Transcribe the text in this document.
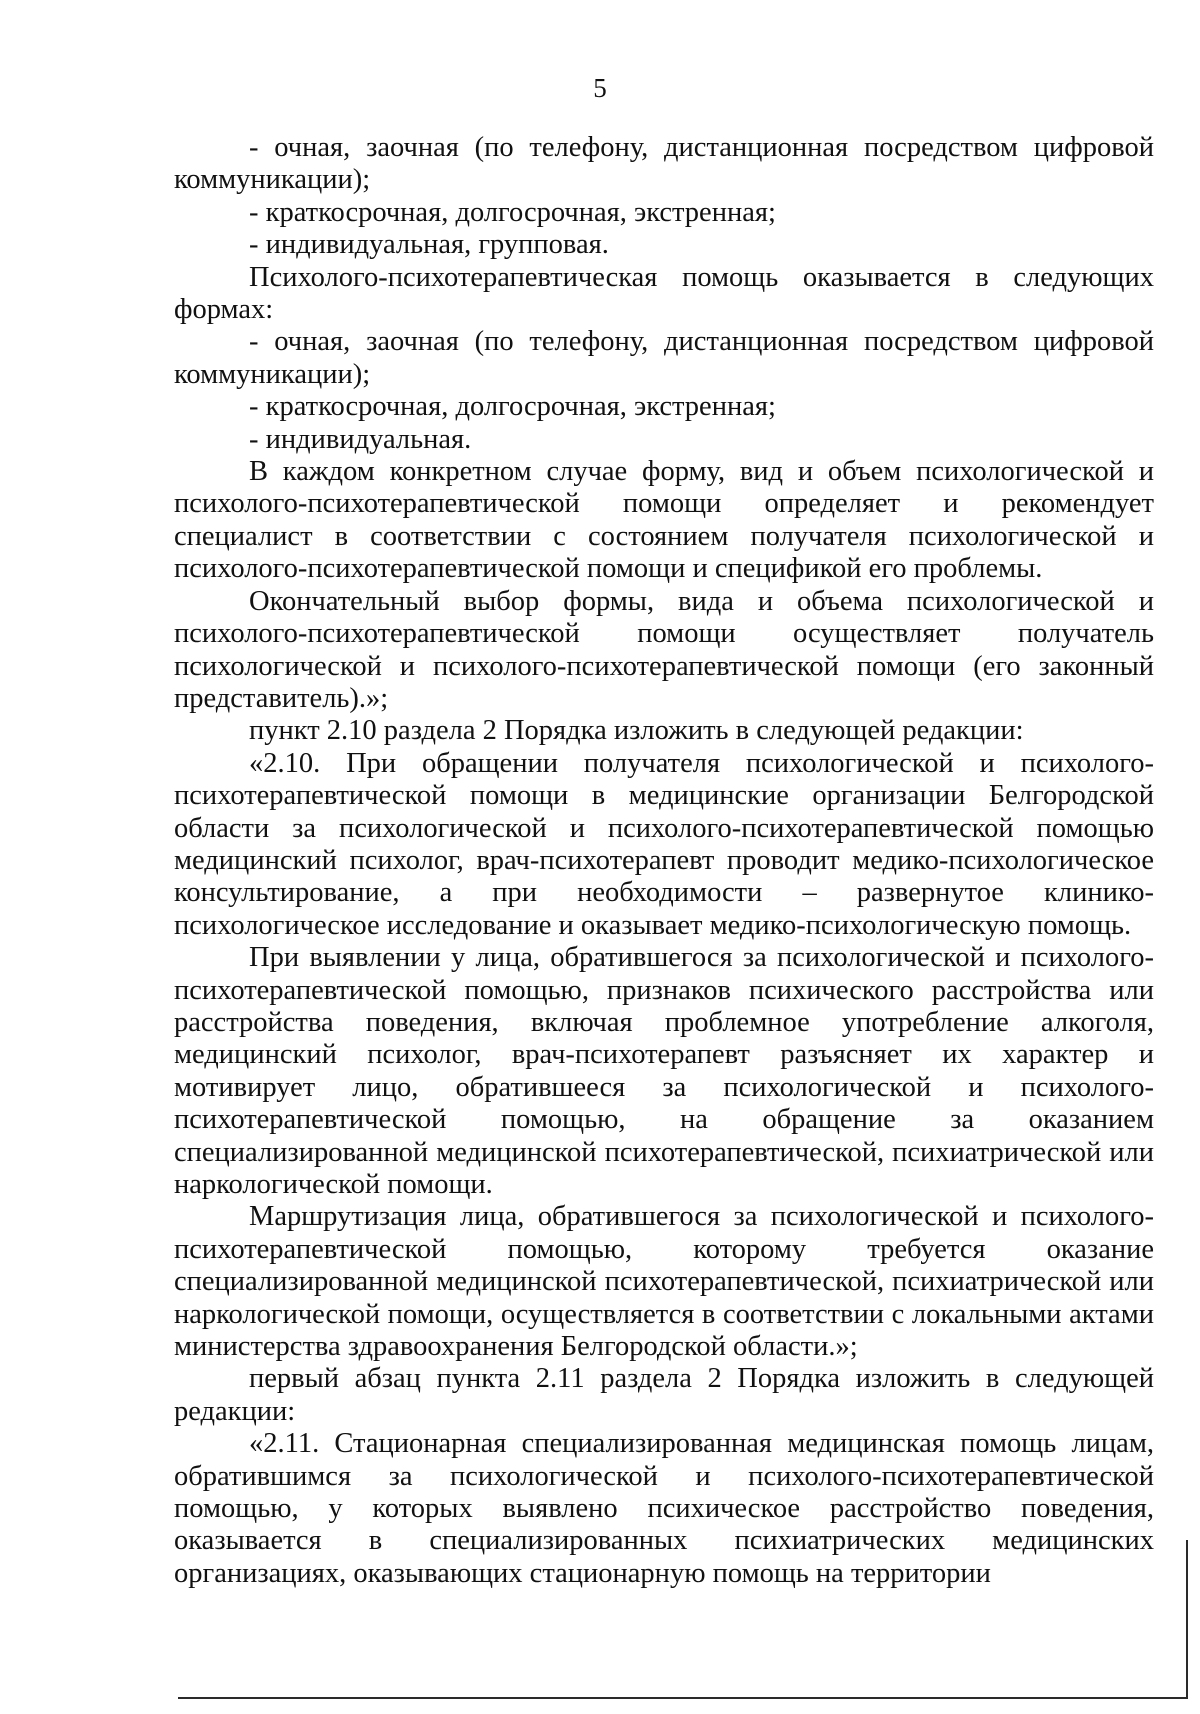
5

- очная, заочная (по телефону, дистанционная посредством цифровой коммуникации);

- краткосрочная, долгосрочная, экстренная;

- индивидуальная, групповая.

Психолого-психотерапевтическая помощь оказывается в следующих формах:

- очная, заочная (по телефону, дистанционная посредством цифровой коммуникации);

- краткосрочная, долгосрочная, экстренная;

- индивидуальная.

В каждом конкретном случае форму, вид и объем психологической и психолого-психотерапевтической помощи определяет и рекомендует специалист в соответствии с состоянием получателя психологической и психолого-психотерапевтической помощи и спецификой его проблемы.

Окончательный выбор формы, вида и объема психологической и психолого-психотерапевтической помощи осуществляет получатель психологической и психолого-психотерапевтической помощи (его законный представитель).»;

пункт 2.10 раздела 2 Порядка изложить в следующей редакции:

«2.10. При обращении получателя психологической и психолого-психотерапевтической помощи в медицинские организации Белгородской области за психологической и психолого-психотерапевтической помощью медицинский психолог, врач-психотерапевт проводит медико-психологическое консультирование, а при необходимости – развернутое клинико-психологическое исследование и оказывает медико-психологическую помощь.

При выявлении у лица, обратившегося за психологической и психолого-психотерапевтической помощью, признаков психического расстройства или расстройства поведения, включая проблемное употребление алкоголя, медицинский психолог, врач-психотерапевт разъясняет их характер и мотивирует лицо, обратившееся за психологической и психолого-психотерапевтической помощью, на обращение за оказанием специализированной медицинской психотерапевтической, психиатрической или наркологической помощи.

Маршрутизация лица, обратившегося за психологической и психолого-психотерапевтической помощью, которому требуется оказание специализированной медицинской психотерапевтической, психиатрической или наркологической помощи, осуществляется в соответствии с локальными актами министерства здравоохранения Белгородской области.»;

первый абзац пункта 2.11 раздела 2 Порядка изложить в следующей редакции:

«2.11. Стационарная специализированная медицинская помощь лицам, обратившимся за психологической и психолого-психотерапевтической помощью, у которых выявлено психическое расстройство поведения, оказывается в специализированных психиатрических медицинских организациях, оказывающих стационарную помощь на территории
